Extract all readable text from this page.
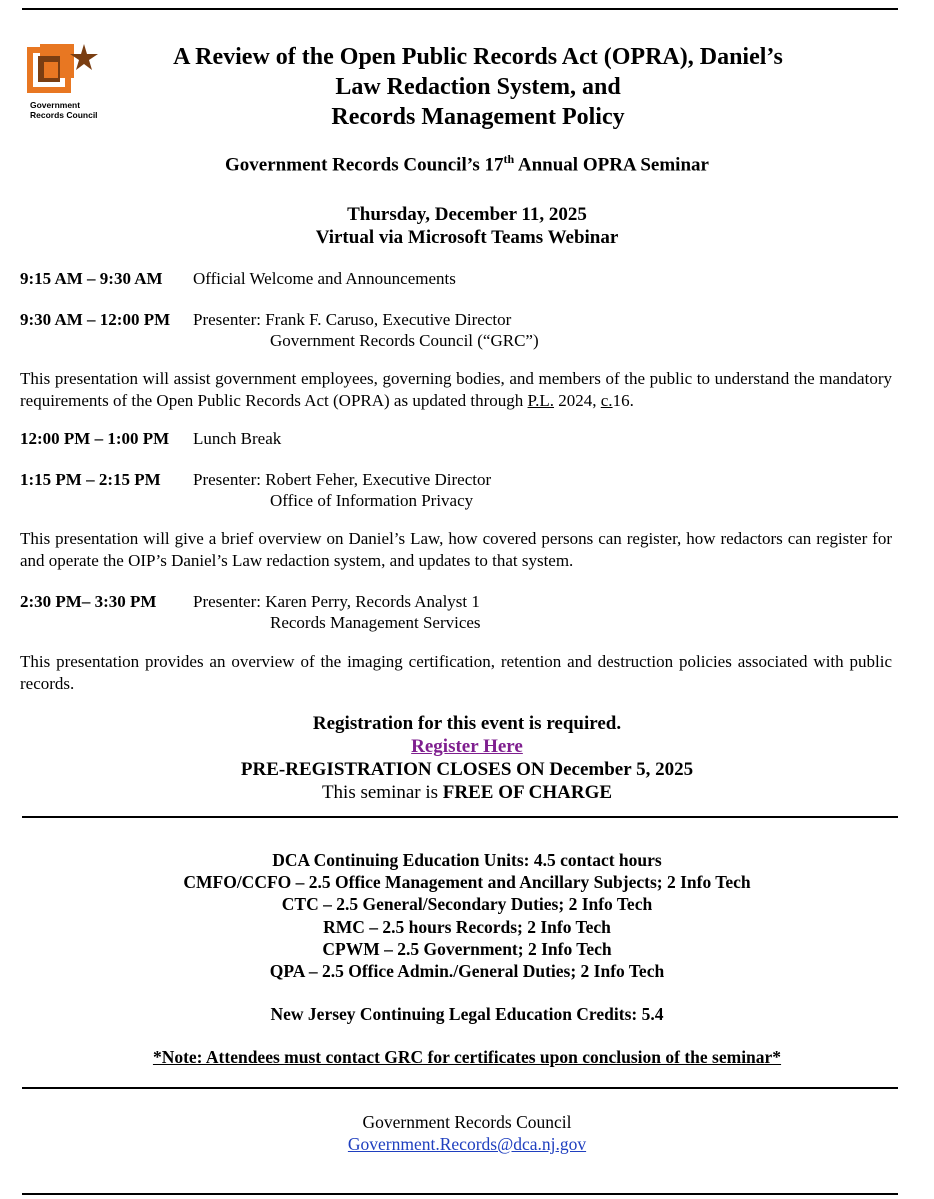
Government
Records Council
A Review of the Open Public Records Act (OPRA), Daniel’s
Law Redaction System, and
Records Management Policy
Government Records Council’s 17th Annual OPRA Seminar
Thursday, December 11, 2025
Virtual via Microsoft Teams Webinar
9:15 AM – 9:30 AM Official Welcome and Announcements
9:30 AM – 12:00 PM Presenter: Frank F. Caruso, Executive Director
Government Records Council (“GRC”)
This presentation will assist government employees, governing bodies, and members of the public to understand the mandatory requirements of the Open Public Records Act (OPRA) as updated through P.L. 2024, c.16.
12:00 PM – 1:00 PM Lunch Break
1:15 PM – 2:15 PM Presenter: Robert Feher, Executive Director
Office of Information Privacy
This presentation will give a brief overview on Daniel’s Law, how covered persons can register, how redactors can register for and operate the OIP’s Daniel’s Law redaction system, and updates to that system.
2:30 PM– 3:30 PM Presenter: Karen Perry, Records Analyst 1
Records Management Services
This presentation provides an overview of the imaging certification, retention and destruction policies associated with public records.
Registration for this event is required.
Register Here
PRE-REGISTRATION CLOSES ON December 5, 2025
This seminar is FREE OF CHARGE
DCA Continuing Education Units: 4.5 contact hours
CMFO/CCFO – 2.5 Office Management and Ancillary Subjects; 2 Info Tech
CTC – 2.5 General/Secondary Duties; 2 Info Tech
RMC – 2.5 hours Records; 2 Info Tech
CPWM – 2.5 Government; 2 Info Tech
QPA – 2.5 Office Admin./General Duties; 2 Info Tech
New Jersey Continuing Legal Education Credits: 5.4
*Note: Attendees must contact GRC for certificates upon conclusion of the seminar*
Government Records Council
Government.Records@dca.nj.gov
